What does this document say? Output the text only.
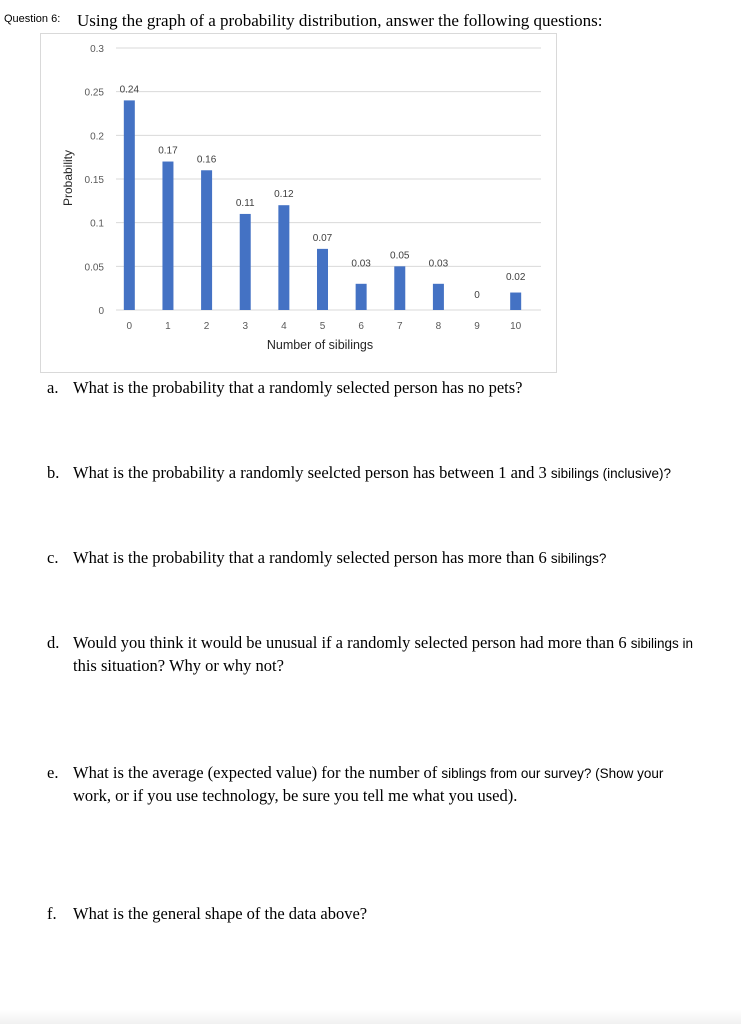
Question 6: Using the graph of a probability distribution, answer the following questions:
0
0.05
0.1
0.15
0.2
0.25
0.3
0.24
0
0.17
1
0.16
2
0.11
3
0.12
4
0.07
5
0.03
6
0.05
7
0.03
8
0
9
0.02
10
Number of sibilings
Probability
a. What is the probability that a randomly selected person has no pets?
b. What is the probability a randomly seelcted person has between 1 and 3 sibilings (inclusive)?
c. What is the probability that a randomly selected person has more than 6 sibilings?
d. Would you think it would be unusual if a randomly selected person had more than 6 sibilings in
this situation? Why or why not?
e. What is the average (expected value) for the number of siblings from our survey? (Show your
work, or if you use technology, be sure you tell me what you used).
f. What is the general shape of the data above?
